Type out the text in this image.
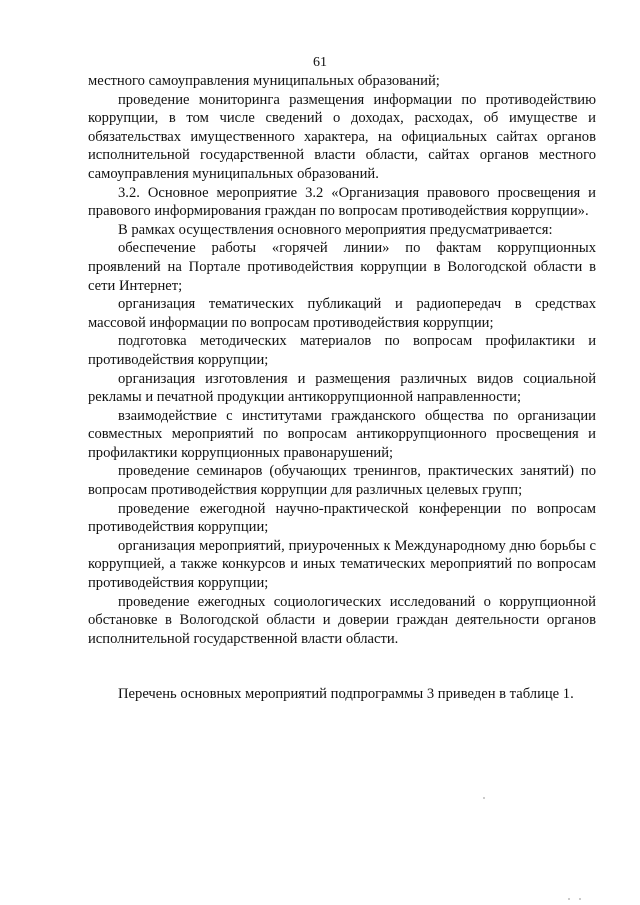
61

местного самоуправления муниципальных образований;

проведение мониторинга размещения информации по противодействию коррупции, в том числе сведений о доходах, расходах, об имуществе и обязательствах имущественного характера, на официальных сайтах органов исполнительной государственной власти области, сайтах органов местного самоуправления муниципальных образований.

3.2. Основное мероприятие 3.2 «Организация правового просвещения и правового информирования граждан по вопросам противодействия коррупции».

В рамках осуществления основного мероприятия предусматривается:

обеспечение работы «горячей линии» по фактам коррупционных проявлений на Портале противодействия коррупции в Вологодской области в сети Интернет;

организация тематических публикаций и радиопередач в средствах массовой информации по вопросам противодействия коррупции;

подготовка методических материалов по вопросам профилактики и противодействия коррупции;

организация изготовления и размещения различных видов социальной рекламы и печатной продукции антикоррупционной направленности;

взаимодействие с институтами гражданского общества по организации совместных мероприятий по вопросам антикоррупционного просвещения и профилактики коррупционных правонарушений;

проведение семинаров (обучающих тренингов, практических занятий) по вопросам противодействия коррупции для различных целевых групп;

проведение ежегодной научно-практической конференции по вопросам противодействия коррупции;

организация мероприятий, приуроченных к Международному дню борьбы с коррупцией, а также конкурсов и иных тематических мероприятий по вопросам противодействия коррупции;

проведение ежегодных социологических исследований о коррупционной обстановке в Вологодской области и доверии граждан деятельности органов исполнительной государственной власти области.

Перечень основных мероприятий подпрограммы 3 приведен в таблице 1.
